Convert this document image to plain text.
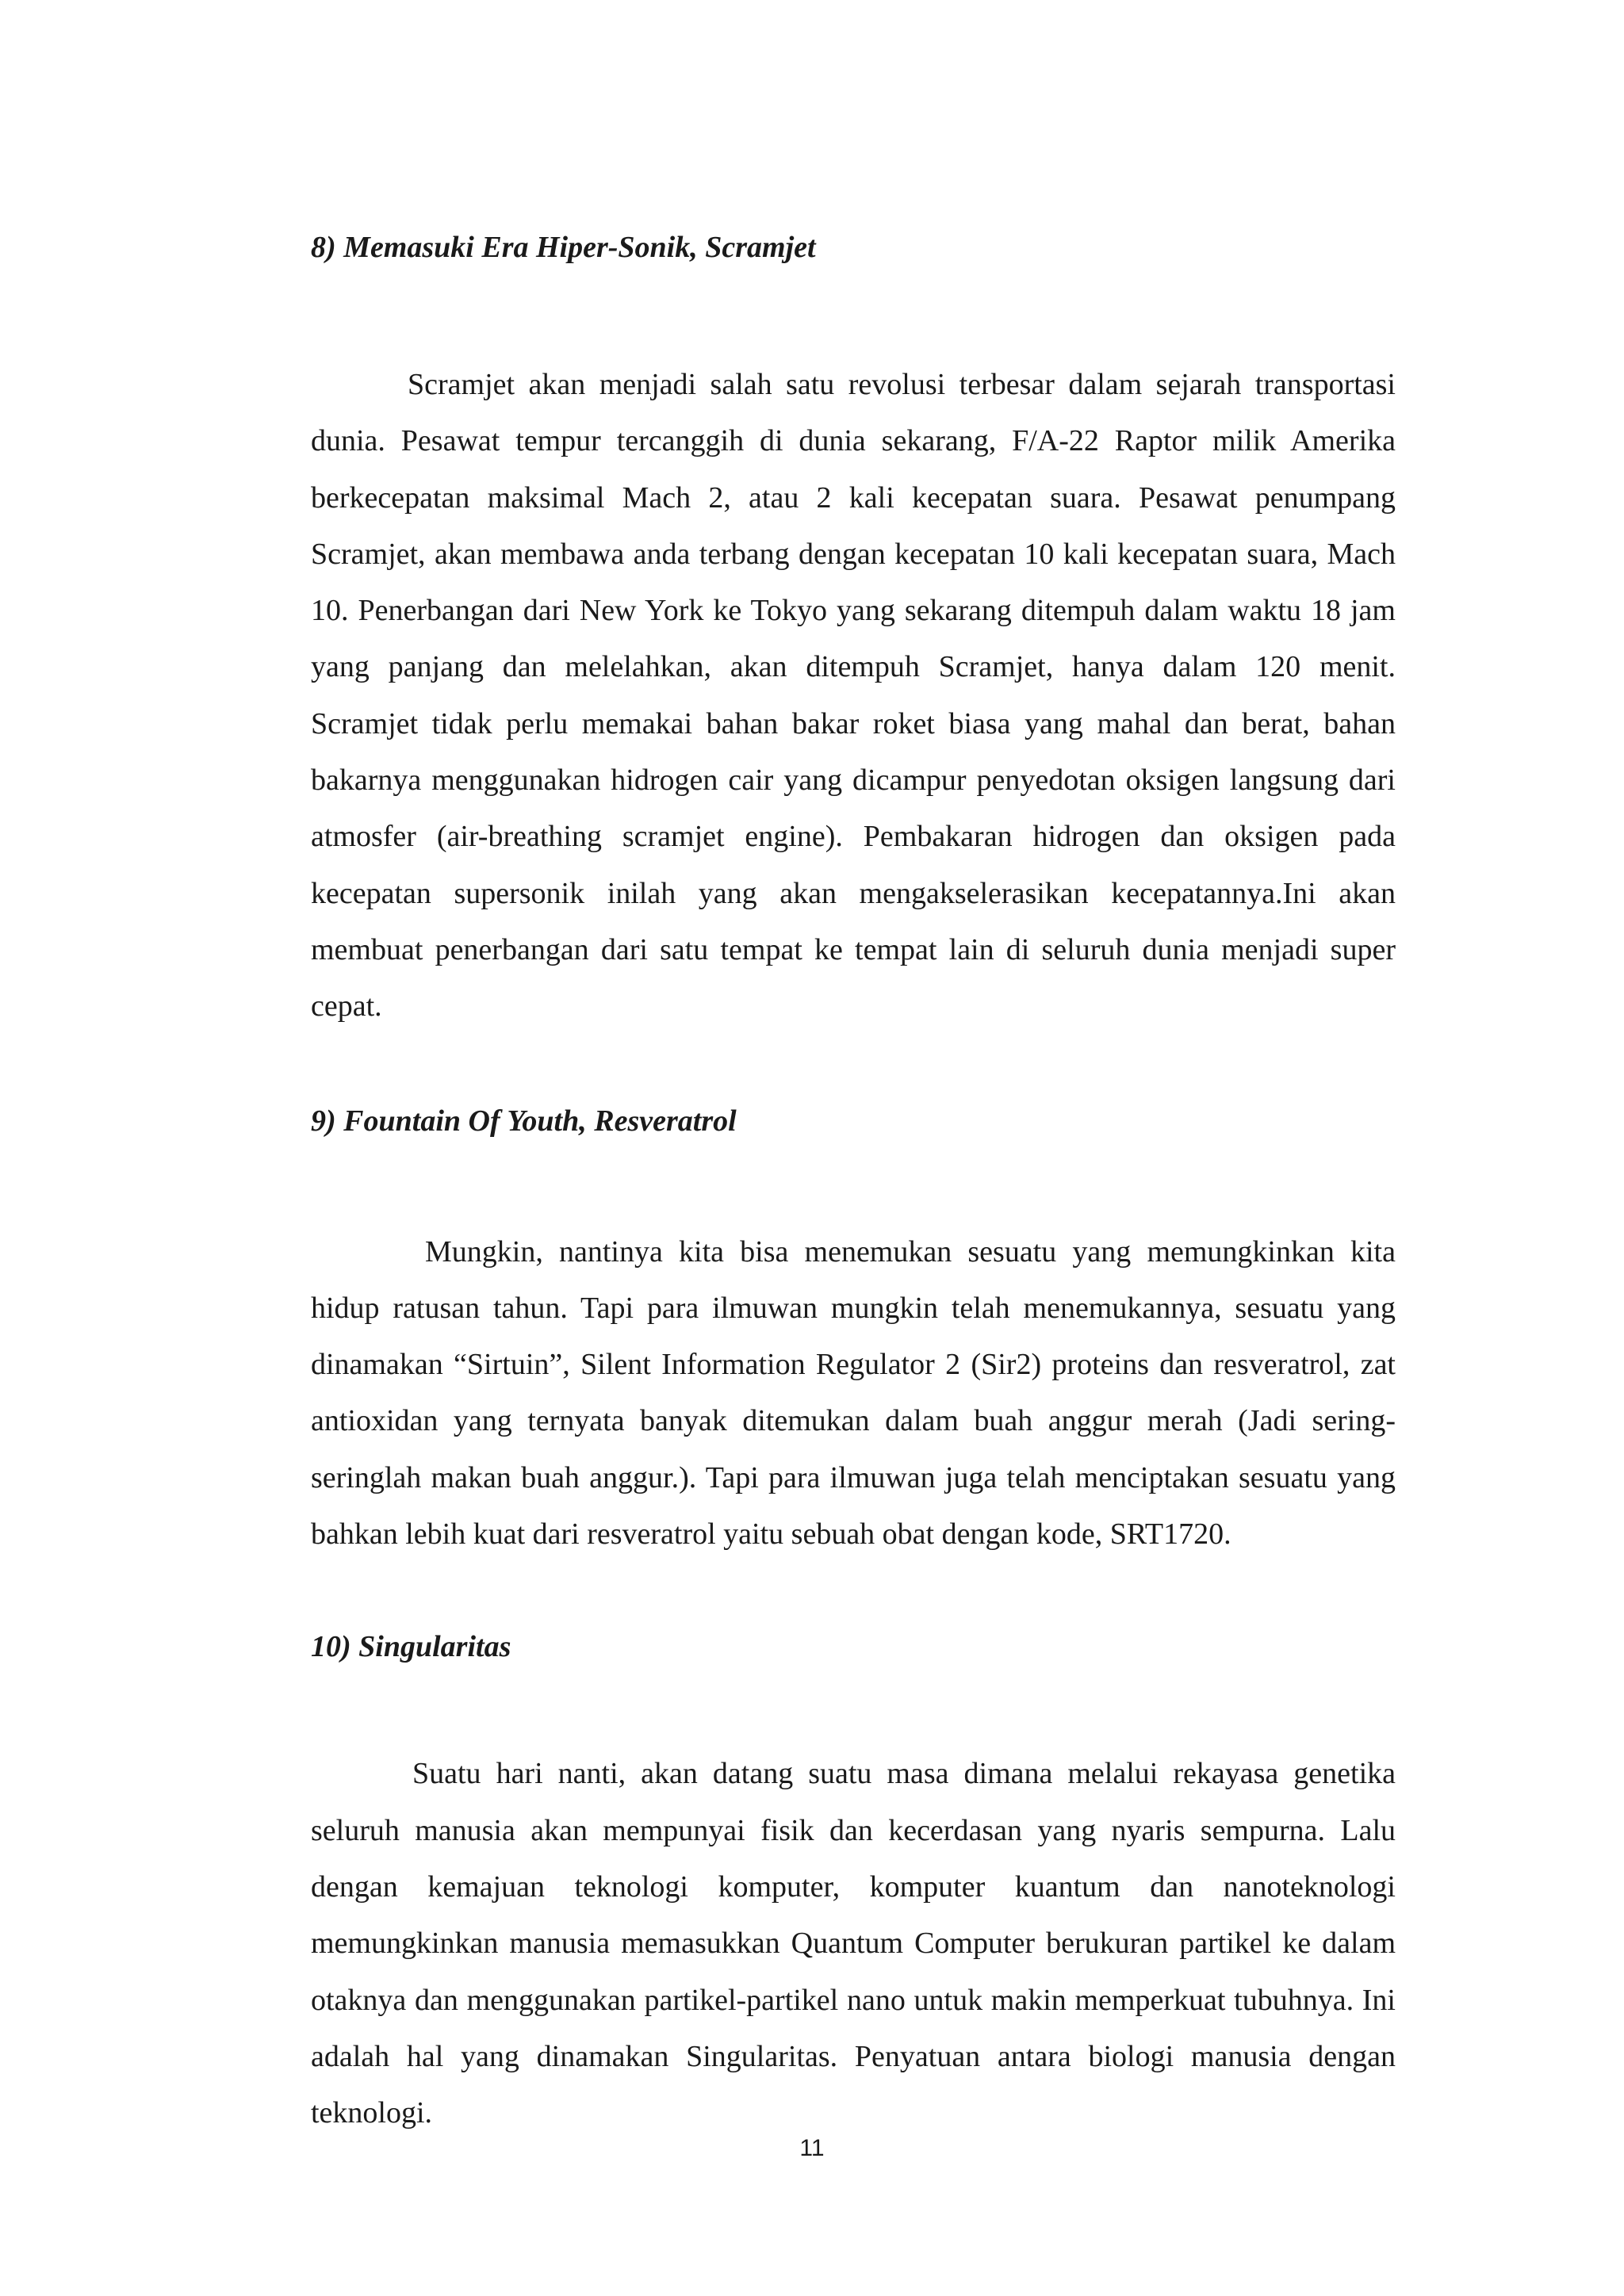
8) Memasuki Era Hiper-Sonik, Scramjet

Scramjet akan menjadi salah satu revolusi terbesar dalam sejarah transportasi dunia. Pesawat tempur tercanggih di dunia sekarang, F/A-22 Raptor milik Amerika berkecepatan maksimal Mach 2, atau 2 kali kecepatan suara. Pesawat penumpang Scramjet, akan membawa anda terbang dengan kecepatan 10 kali kecepatan suara, Mach 10. Penerbangan dari New York ke Tokyo yang sekarang ditempuh dalam waktu 18 jam yang panjang dan melelahkan, akan ditempuh Scramjet, hanya dalam 120 menit. Scramjet tidak perlu memakai bahan bakar roket biasa yang mahal dan berat, bahan bakarnya menggunakan hidrogen cair yang dicampur penyedotan oksigen langsung dari atmosfer (air-breathing scramjet engine). Pembakaran hidrogen dan oksigen pada kecepatan supersonik inilah yang akan mengakselerasikan kecepatannya.Ini akan membuat penerbangan dari satu tempat ke tempat lain di seluruh dunia menjadi super cepat.

9) Fountain Of Youth, Resveratrol

Mungkin, nantinya kita bisa menemukan sesuatu yang memungkinkan kita hidup ratusan tahun. Tapi para ilmuwan mungkin telah menemukannya, sesuatu yang dinamakan “Sirtuin”, Silent Information Regulator 2 (Sir2) proteins dan resveratrol, zat antioxidan yang ternyata banyak ditemukan dalam buah anggur merah (Jadi sering-seringlah makan buah anggur.). Tapi para ilmuwan juga telah menciptakan sesuatu yang bahkan lebih kuat dari resveratrol yaitu sebuah obat dengan kode, SRT1720.

10) Singularitas

Suatu hari nanti, akan datang suatu masa dimana melalui rekayasa genetika seluruh manusia akan mempunyai fisik dan kecerdasan yang nyaris sempurna. Lalu dengan kemajuan teknologi komputer, komputer kuantum dan nanoteknologi memungkinkan manusia memasukkan Quantum Computer berukuran partikel ke dalam otaknya dan menggunakan partikel-partikel nano untuk makin memperkuat tubuhnya. Ini adalah hal yang dinamakan Singularitas. Penyatuan antara biologi manusia dengan teknologi.

11
